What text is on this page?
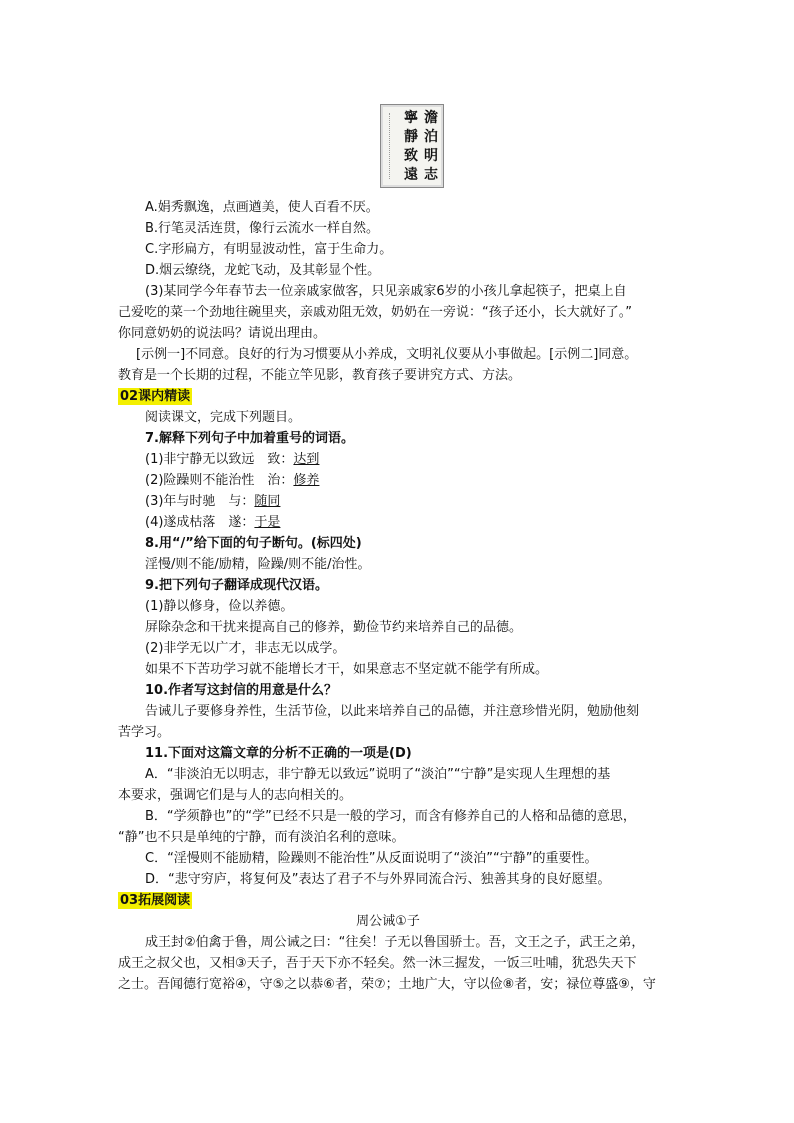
澹泊明志
寧靜致遠
A.娟秀飘逸，点画遒美，使人百看不厌。
B.行笔灵活连贯，像行云流水一样自然。
C.字形扁方，有明显波动性，富于生命力。
D.烟云缭绕，龙蛇飞动，及其彰显个性。
(3)某同学今年春节去一位亲戚家做客，只见亲戚家6岁的小孩儿拿起筷子，把桌上自
己爱吃的菜一个劲地往碗里夹，亲戚劝阻无效，奶奶在一旁说：“孩子还小，长大就好了。”
你同意奶奶的说法吗？请说出理由。
[示例一]不同意。良好的行为习惯要从小养成，文明礼仪要从小事做起。[示例二]同意。
教育是一个长期的过程，不能立竿见影，教育孩子要讲究方式、方法。
02课内精读
阅读课文，完成下列题目。
7.解释下列句子中加着重号的词语。
(1)非宁静无以致远　致：达到
(2)险躁则不能治性　治：修养
(3)年与时驰　与：随同
(4)遂成枯落　遂：于是
8.用“/”给下面的句子断句。(标四处)
淫慢/则不能/励精，险躁/则不能/治性。
9.把下列句子翻译成现代汉语。
(1)静以修身，俭以养德。
屏除杂念和干扰来提高自己的修养，勤俭节约来培养自己的品德。
(2)非学无以广才，非志无以成学。
如果不下苦功学习就不能增长才干，如果意志不坚定就不能学有所成。
10.作者写这封信的用意是什么？
告诫儿子要修身养性，生活节俭，以此来培养自己的品德，并注意珍惜光阴，勉励他刻
苦学习。
11.下面对这篇文章的分析不正确的一项是(D)
A．“非淡泊无以明志，非宁静无以致远”说明了“淡泊”“宁静”是实现人生理想的基
本要求，强调它们是与人的志向相关的。
B．“学须静也”的“学”已经不只是一般的学习，而含有修养自己的人格和品德的意思，
“静”也不只是单纯的宁静，而有淡泊名利的意味。
C．“淫慢则不能励精，险躁则不能治性”从反面说明了“淡泊”“宁静”的重要性。
D．“悲守穷庐，将复何及”表达了君子不与外界同流合污、独善其身的良好愿望。
03拓展阅读
周公诫①子
成王封②伯禽于鲁，周公诫之曰：“往矣！子无以鲁国骄士。吾，文王之子，武王之弟，
成王之叔父也，又相③天子，吾于天下亦不轻矣。然一沐三握发，一饭三吐哺，犹恐失天下
之士。吾闻德行宽裕④，守⑤之以恭⑥者，荣⑦；土地广大，守以俭⑧者，安；禄位尊盛⑨，守
